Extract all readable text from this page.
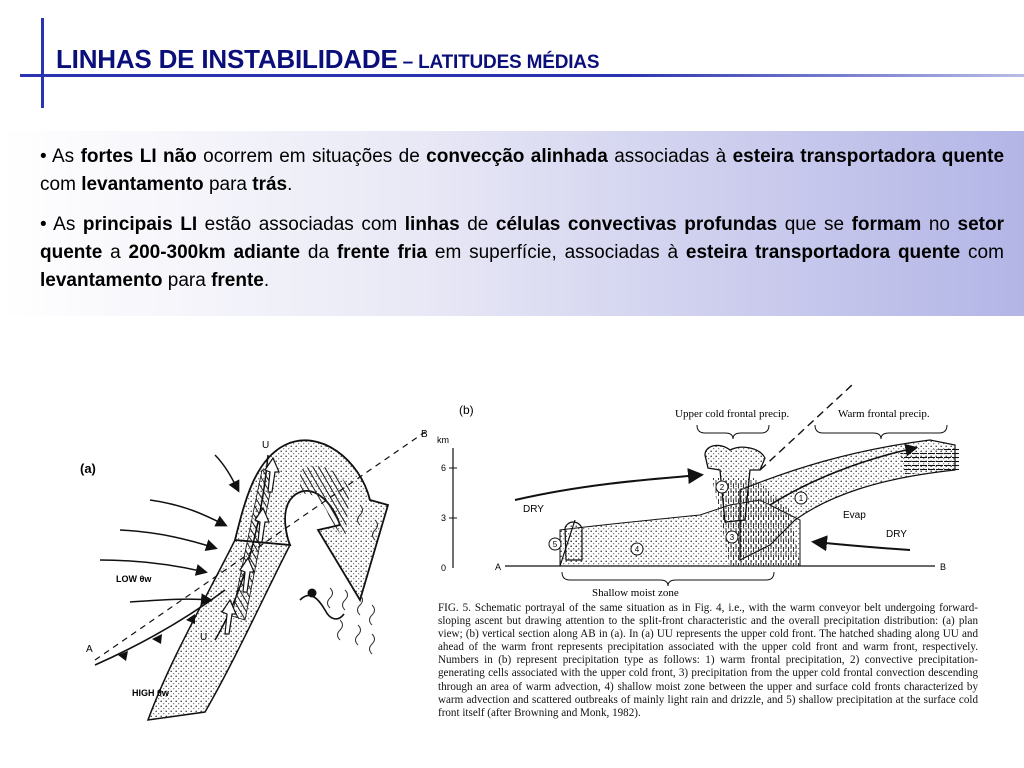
LINHAS DE INSTABILIDADE – LATITUDES MÉDIAS

• As fortes LI não ocorrem em situações de convecção alinhada associadas à esteira transportadora quente com levantamento para trás.

• As principais LI estão associadas com linhas de células convectivas profundas que se formam no setor quente a 200-300km adiante da frente fria em superfície, associadas à esteira transportadora quente com levantamento para frente.

(a)
U
U
LOW θw
HIGH θw
A
B
(b)
km
6
3
0	A	B
Upper cold frontal precip.	Warm frontal precip.
Shallow moist zone
DRY
DRY
Evap
1
2
3
4
5
FIG. 5. Schematic portrayal of the same situation as in Fig. 4, i.e., with the warm conveyor belt undergoing forward-sloping ascent but drawing attention to the split-front characteristic and the overall precipitation distribution: (a) plan view; (b) vertical section along AB in (a). In (a) UU represents the upper cold front. The hatched shading along UU and ahead of the warm front represents precipitation associated with the upper cold front and warm front, respectively. Numbers in (b) represent precipitation type as follows: 1) warm frontal precipitation, 2) convective precipitation-generating cells associated with the upper cold front, 3) precipitation from the upper cold frontal convection descending through an area of warm advection, 4) shallow moist zone between the upper and surface cold fronts characterized by warm advection and scattered outbreaks of mainly light rain and drizzle, and 5) shallow precipitation at the surface cold front itself (after Browning and Monk, 1982).
